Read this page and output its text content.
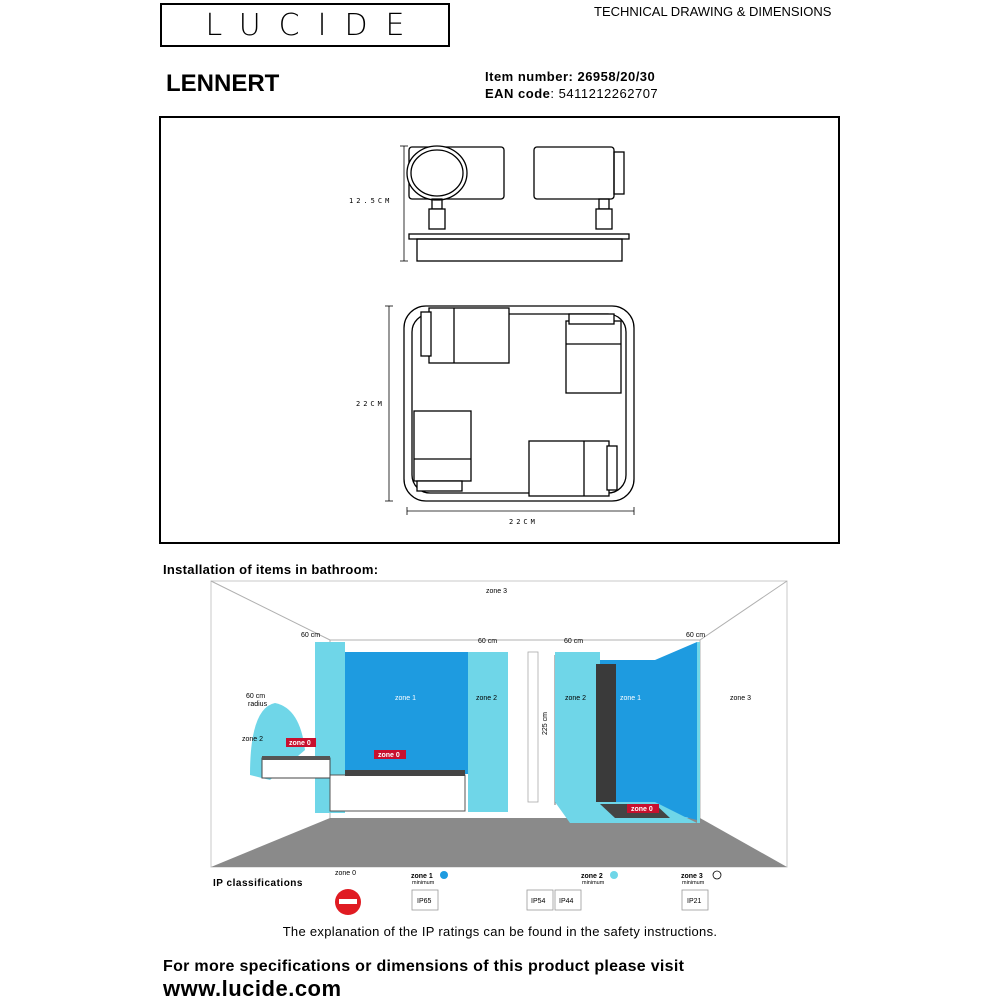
LUCIDE	TECHNICAL DRAWING & DIMENSIONS
LENNERT	Item number: 26958/20/30
EAN code: 5411212262707
12.5CM
22CM
22CM
Installation of items in bathroom:
zone 3
zone 3
zone 1	zone 1
zone 2	zone 2
zone 2
60 cm
60 cm	60 cm
60 cm
60 cm
radius
225 cm
zone 0
zone 0
zone 0
IP classifications
zone 0	zone 1
minimum
IP65
zone 2
minimum
IP54 IP44
zone 3
minimum
IP21
The explanation of the IP ratings can be found in the safety instructions.
For more specifications or dimensions of this product please visit
www.lucide.com
